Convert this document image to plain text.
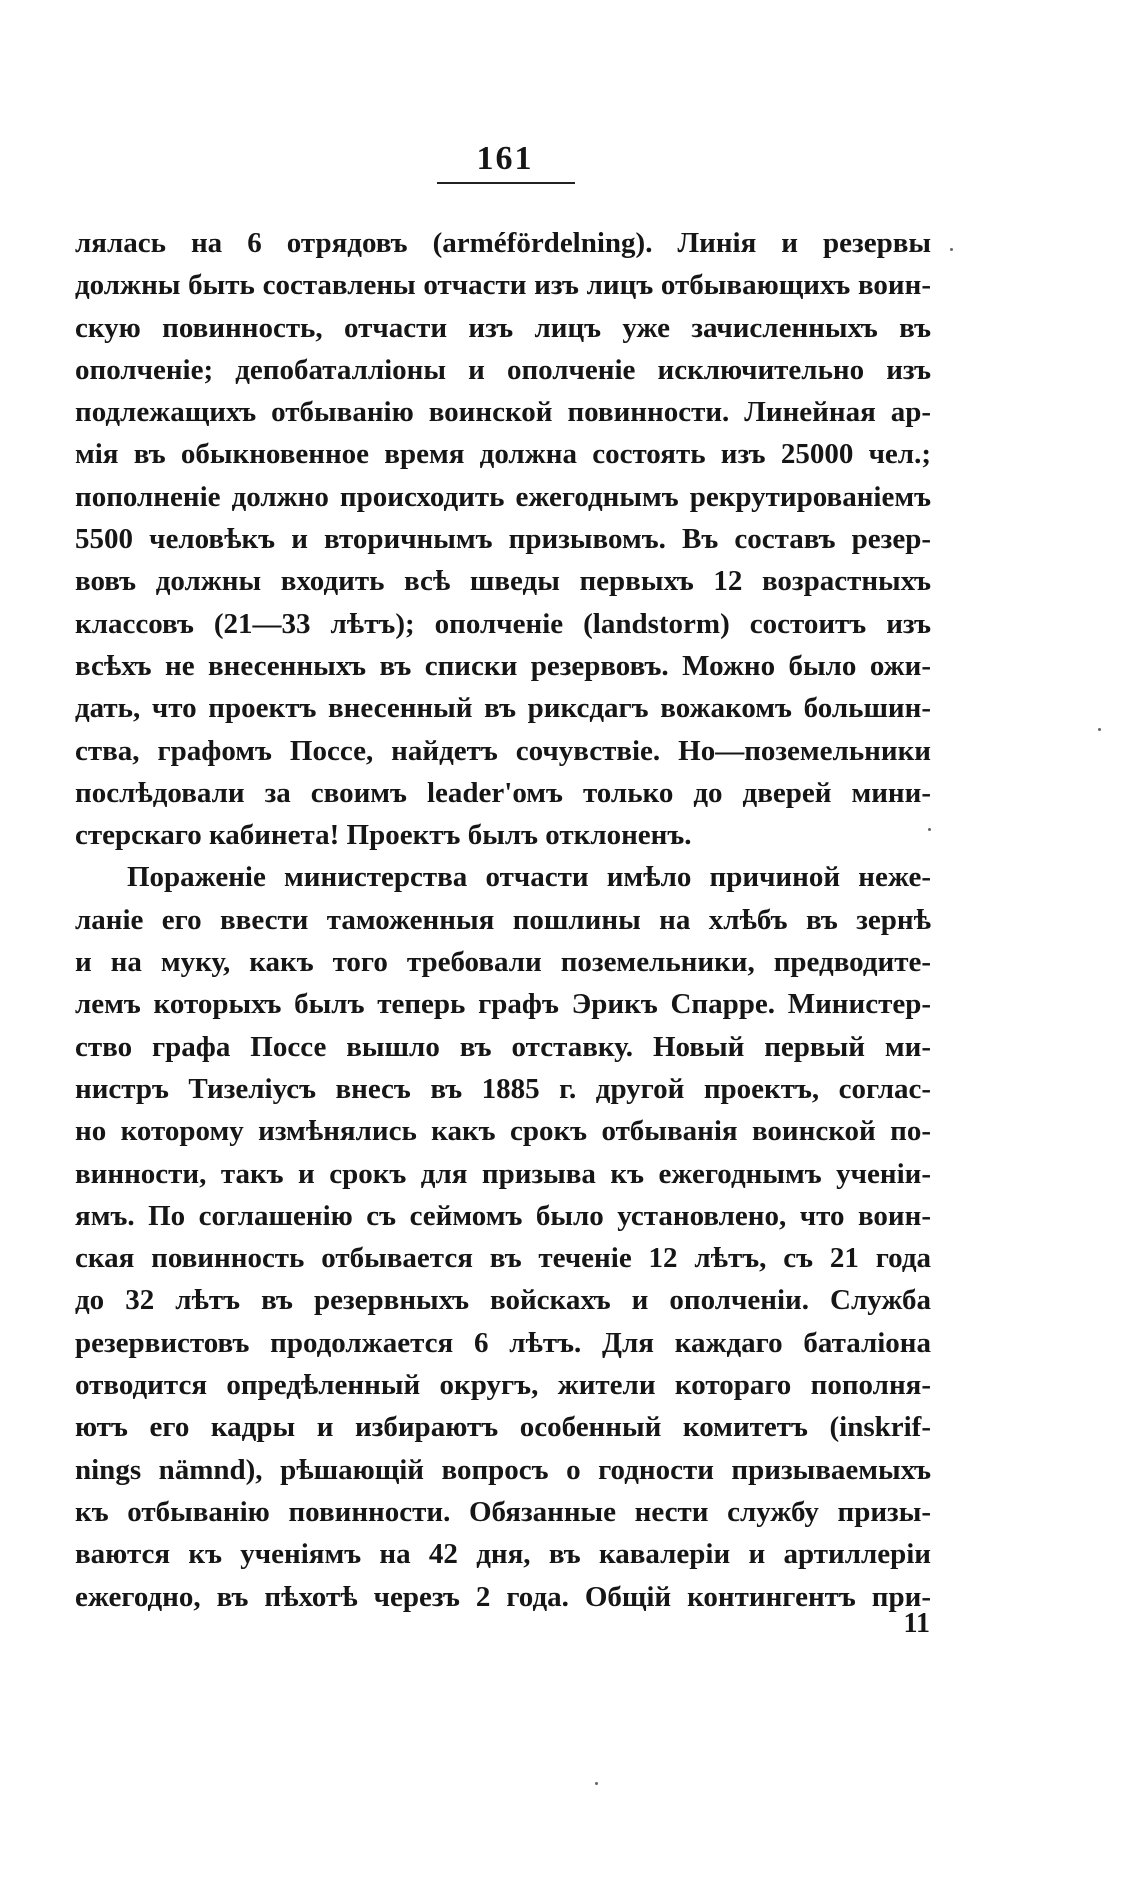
161
лялась на 6 отрядовъ (arméfördelning). Линія и резервы
должны быть составлены отчасти изъ лицъ отбывающихъ воин-
скую повинность, отчасти изъ лицъ уже зачисленныхъ въ
ополченіе; депобаталліоны и ополченіе исключительно изъ
подлежащихъ отбыванію воинской повинности. Линейная ар-
мія въ обыкновенное время должна состоять изъ 25000 чел.;
пополненіе должно происходить ежегоднымъ рекрутированіемъ
5500 человѣкъ и вторичнымъ призывомъ. Въ составъ резер-
вовъ должны входить всѣ шведы первыхъ 12 возрастныхъ
классовъ (21—33 лѣтъ); ополченіе (landstorm) состоитъ изъ
всѣхъ не внесенныхъ въ списки резервовъ. Можно было ожи-
дать, что проектъ внесенный въ риксдагъ вожакомъ большин-
ства, графомъ Поссе, найдетъ сочувствіе. Но—поземельники
послѣдовали за своимъ leader'омъ только до дверей мини-
стерскаго кабинета! Проектъ былъ отклоненъ.
Пораженіе министерства отчасти имѣло причиной неже-
ланіе его ввести таможенныя пошлины на хлѣбъ въ зернѣ
и на муку, какъ того требовали поземельники, предводите-
лемъ которыхъ былъ теперь графъ Эрикъ Спарре. Министер-
ство графа Поссе вышло въ отставку. Новый первый ми-
нистръ Тизеліусъ внесъ въ 1885 г. другой проектъ, соглас-
но которому измѣнялись какъ срокъ отбыванія воинской по-
винности, такъ и срокъ для призыва къ ежегоднымъ ученіи-
ямъ. По соглашенію съ сеймомъ было установлено, что воин-
ская повинность отбывается въ теченіе 12 лѣтъ, съ 21 года
до 32 лѣтъ въ резервныхъ войскахъ и ополченіи. Служба
резервистовъ продолжается 6 лѣтъ. Для каждаго баталіона
отводится опредѣленный округъ, жители котораго пополня-
ютъ его кадры и избираютъ особенный комитетъ (inskrif-
nings nämnd), рѣшающій вопросъ о годности призываемыхъ
къ отбыванію повинности. Обязанные нести службу призы-
ваются къ ученіямъ на 42 дня, въ кавалеріи и артиллеріи
ежегодно, въ пѣхотѣ черезъ 2 года. Общій контингентъ при-
11
